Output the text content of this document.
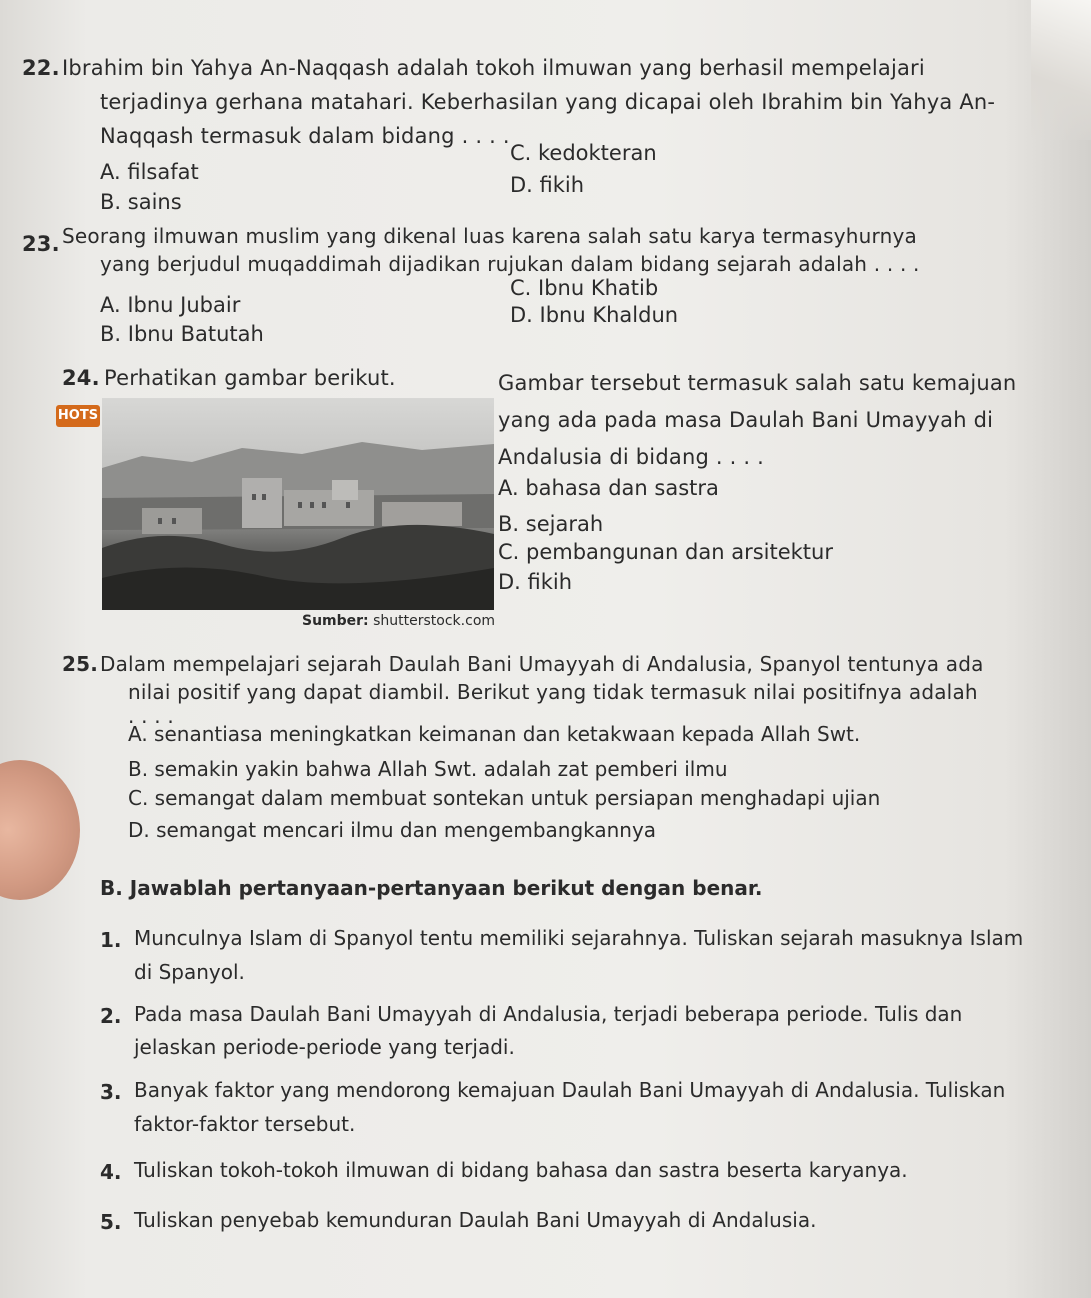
22. Ibrahim bin Yahya An-Naqqash adalah tokoh ilmuwan yang berhasil mempelajari
terjadinya gerhana matahari. Keberhasilan yang dicapai oleh Ibrahim bin Yahya An-
Naqqash termasuk dalam bidang . . . .
A. filsafat
B. sains
C. kedokteran
D. fikih
23. Seorang ilmuwan muslim yang dikenal luas karena salah satu karya termasyhurnya
yang berjudul muqaddimah dijadikan rujukan dalam bidang sejarah adalah . . . .
A. Ibnu Jubair
B. Ibnu Batutah
C. Ibnu Khatib
D. Ibnu Khaldun
24. Perhatikan gambar berikut.
HOTS
Sumber: shutterstock.com
Gambar tersebut termasuk salah satu kemajuan
yang ada pada masa Daulah Bani Umayyah di
Andalusia di bidang . . . .
A. bahasa dan sastra
B. sejarah
C. pembangunan dan arsitektur
D. fikih
25. Dalam mempelajari sejarah Daulah Bani Umayyah di Andalusia, Spanyol tentunya ada
nilai positif yang dapat diambil. Berikut yang tidak termasuk nilai positifnya adalah
. . . .
A. senantiasa meningkatkan keimanan dan ketakwaan kepada Allah Swt.
B. semakin yakin bahwa Allah Swt. adalah zat pemberi ilmu
C. semangat dalam membuat sontekan untuk persiapan menghadapi ujian
D. semangat mencari ilmu dan mengembangkannya
B. Jawablah pertanyaan-pertanyaan berikut dengan benar.
1. Munculnya Islam di Spanyol tentu memiliki sejarahnya. Tuliskan sejarah masuknya Islam
di Spanyol.
2. Pada masa Daulah Bani Umayyah di Andalusia, terjadi beberapa periode. Tulis dan
jelaskan periode-periode yang terjadi.
3. Banyak faktor yang mendorong kemajuan Daulah Bani Umayyah di Andalusia. Tuliskan
faktor-faktor tersebut.
4. Tuliskan tokoh-tokoh ilmuwan di bidang bahasa dan sastra beserta karyanya.
5. Tuliskan penyebab kemunduran Daulah Bani Umayyah di Andalusia.
